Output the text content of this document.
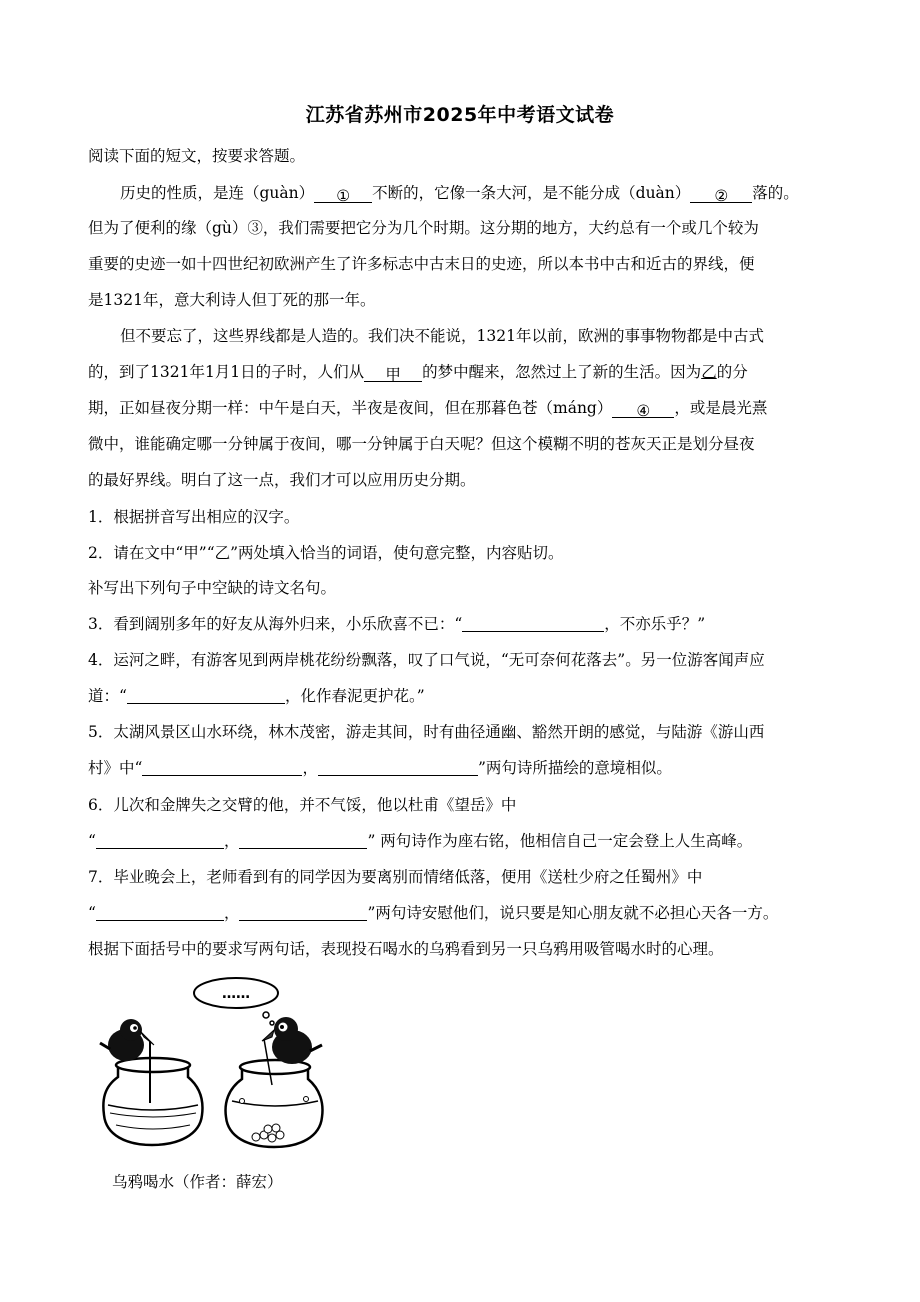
江苏省苏州市2025年中考语文试卷
阅读下面的短文，按要求答题。
历史的性质，是连（guàn） ① 不断的，它像一条大河，是不能分成（duàn） ② 落的。
但为了便利的缘（gù）③，我们需要把它分为几个时期。这分期的地方，大约总有一个或几个较为
重要的史迹一如十四世纪初欧洲产生了许多标志中古末日的史迹，所以本书中古和近古的界线，便
是1321年，意大利诗人但丁死的那一年。
但不要忘了，这些界线都是人造的。我们决不能说，1321年以前，欧洲的事事物物都是中古式
的，到了1321年1月1日的子时，人们从 甲 的梦中醒来，忽然过上了新的生活。因为乙的分
期，正如昼夜分期一样：中午是白天，半夜是夜间，但在那暮色苍（máng） ④ ，或是晨光熹
微中，谁能确定哪一分钟属于夜间，哪一分钟属于白天呢？但这个模糊不明的苍灰天正是划分昼夜
的最好界线。明白了这一点，我们才可以应用历史分期。
1．根据拼音写出相应的汉字。
2．请在文中“甲”“乙”两处填入恰当的词语，使句意完整，内容贴切。
补写出下列句子中空缺的诗文名句。
3．看到阔别多年的好友从海外归来，小乐欣喜不已：“	，不亦乐乎？”
4．运河之畔，有游客见到两岸桃花纷纷飘落，叹了口气说，“无可奈何花落去”。另一位游客闻声应
道：“	，化作春泥更护花。”
5．太湖风景区山水环绕，林木茂密，游走其间，时有曲径通幽、豁然开朗的感觉，与陆游《游山西
村》中“	，	”两句诗所描绘的意境相似。
6．儿次和金牌失之交臂的他，并不气馁，他以杜甫《望岳》中
“	，	” 两句诗作为座右铭，他相信自己一定会登上人生高峰。
7．毕业晚会上，老师看到有的同学因为要离别而情绪低落，便用《送杜少府之任蜀州》中
“	，	”两句诗安慰他们，说只要是知心朋友就不必担心天各一方。
根据下面括号中的要求写两句话，表现投石喝水的乌鸦看到另一只乌鸦用吸管喝水时的心理。
……
乌鸦喝水（作者：薛宏）
